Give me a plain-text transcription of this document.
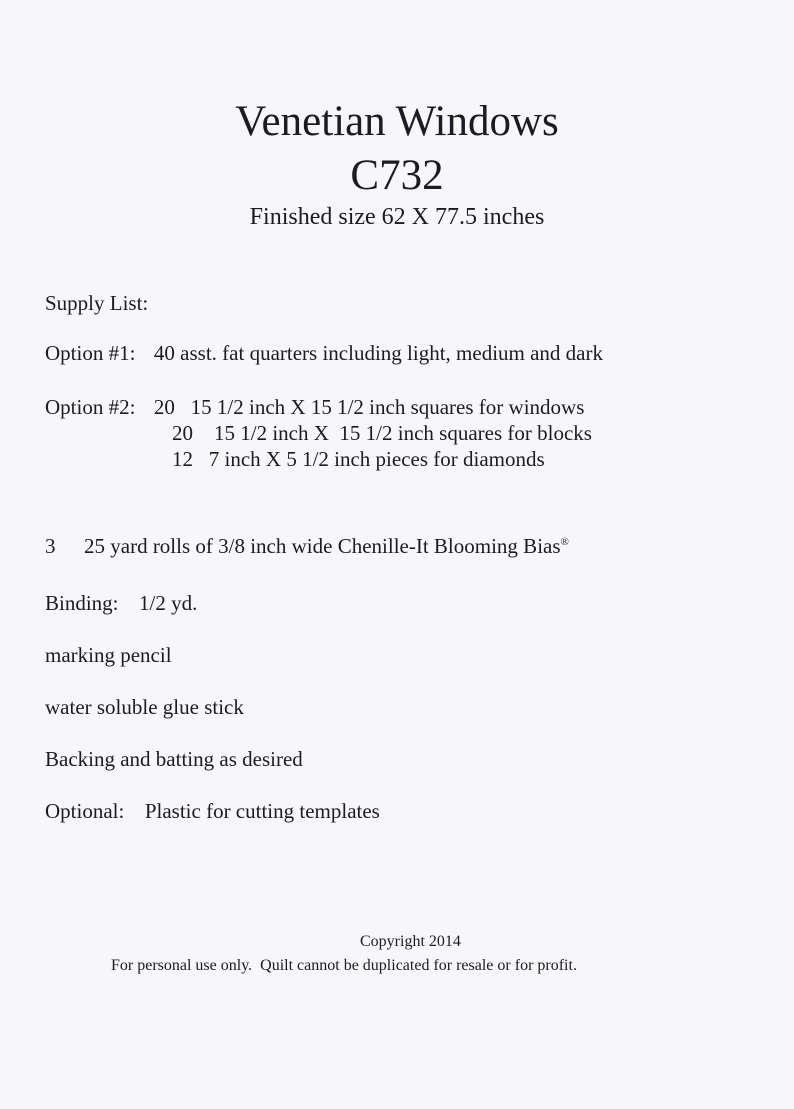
Venetian Windows
C732
Finished size 62 X 77.5 inches
Supply List:
Option #1: 40 asst. fat quarters including light, medium and dark
Option #2: 20   15 1/2 inch X 15 1/2 inch squares for windows
20    15 1/2 inch X  15 1/2 inch squares for blocks
12   7 inch X 5 1/2 inch pieces for diamonds
3 25 yard rolls of 3/8 inch wide Chenille-It Blooming Bias®
Binding: 1/2 yd.
marking pencil
water soluble glue stick
Backing and batting as desired
Optional: Plastic for cutting templates
Copyright 2014
For personal use only.  Quilt cannot be duplicated for resale or for profit.
